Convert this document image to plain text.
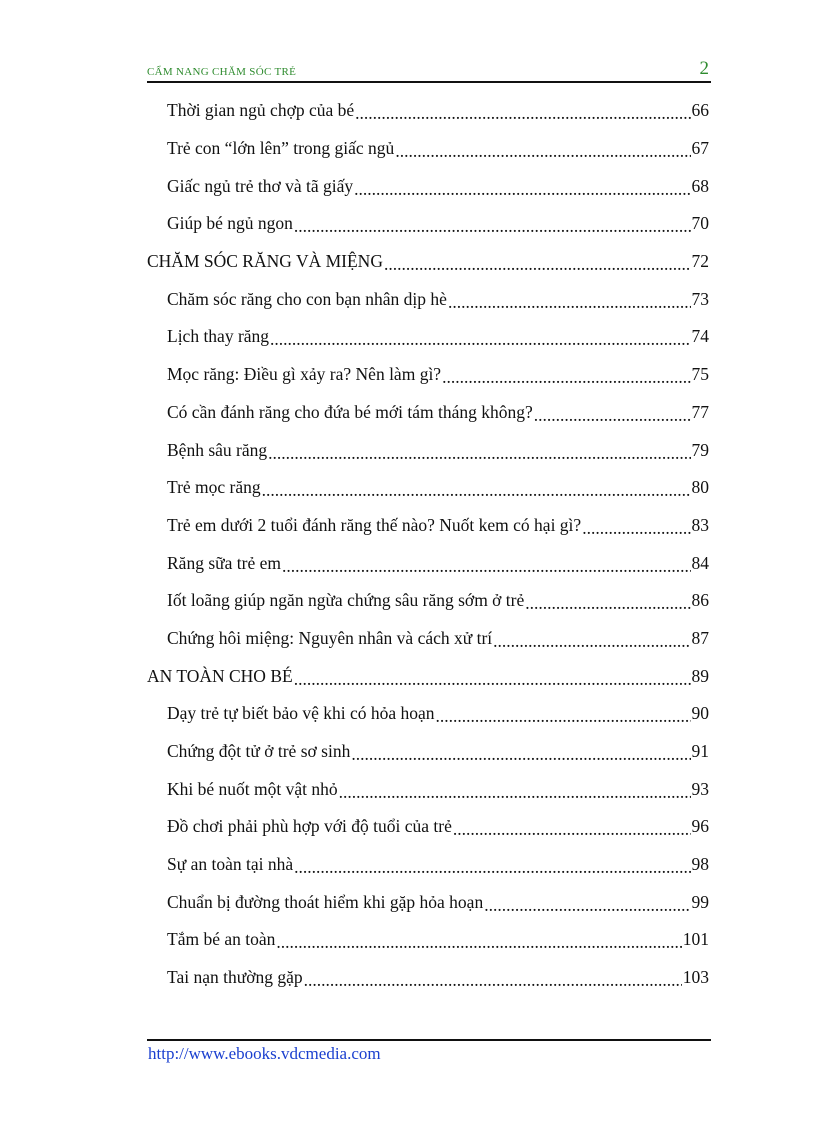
CẨM NANG CHĂM SÓC TRẺ	2
Thời gian ngủ chợp của bé .....	66
Trẻ con “lớn lên” trong giấc ngủ .....	67
Giấc ngủ trẻ thơ và tã giấy .....	68
Giúp bé ngủ ngon .....	70
CHĂM SÓC RĂNG VÀ MIỆNG .....	72
Chăm sóc răng cho con bạn nhân dịp hè .....	73
Lịch thay răng .....	74
Mọc răng: Điều gì xảy ra? Nên làm gì? .....	75
Có cần đánh răng cho đứa bé mới tám tháng không? .....	77
Bệnh sâu răng .....	79
Trẻ mọc răng .....	80
Trẻ em dưới 2 tuổi đánh răng thế nào? Nuốt kem có hại gì? .....	83
Răng sữa trẻ em .....	84
Iốt loãng giúp ngăn ngừa chứng sâu răng sớm ở trẻ .....	86
Chứng hôi miệng: Nguyên nhân và cách xử trí .....	87
AN TOÀN CHO BÉ .....	89
Dạy trẻ tự biết bảo vệ khi có hỏa hoạn .....	90
Chứng đột tử ở trẻ sơ sinh .....	91
Khi bé nuốt một vật nhỏ .....	93
Đồ chơi phải phù hợp với độ tuổi của trẻ .....	96
Sự an toàn tại nhà .....	98
Chuẩn bị đường thoát hiểm khi gặp hỏa hoạn .....	99
Tắm bé an toàn .....	101
Tai nạn thường gặp .....	103
http://www.ebooks.vdcmedia.com
